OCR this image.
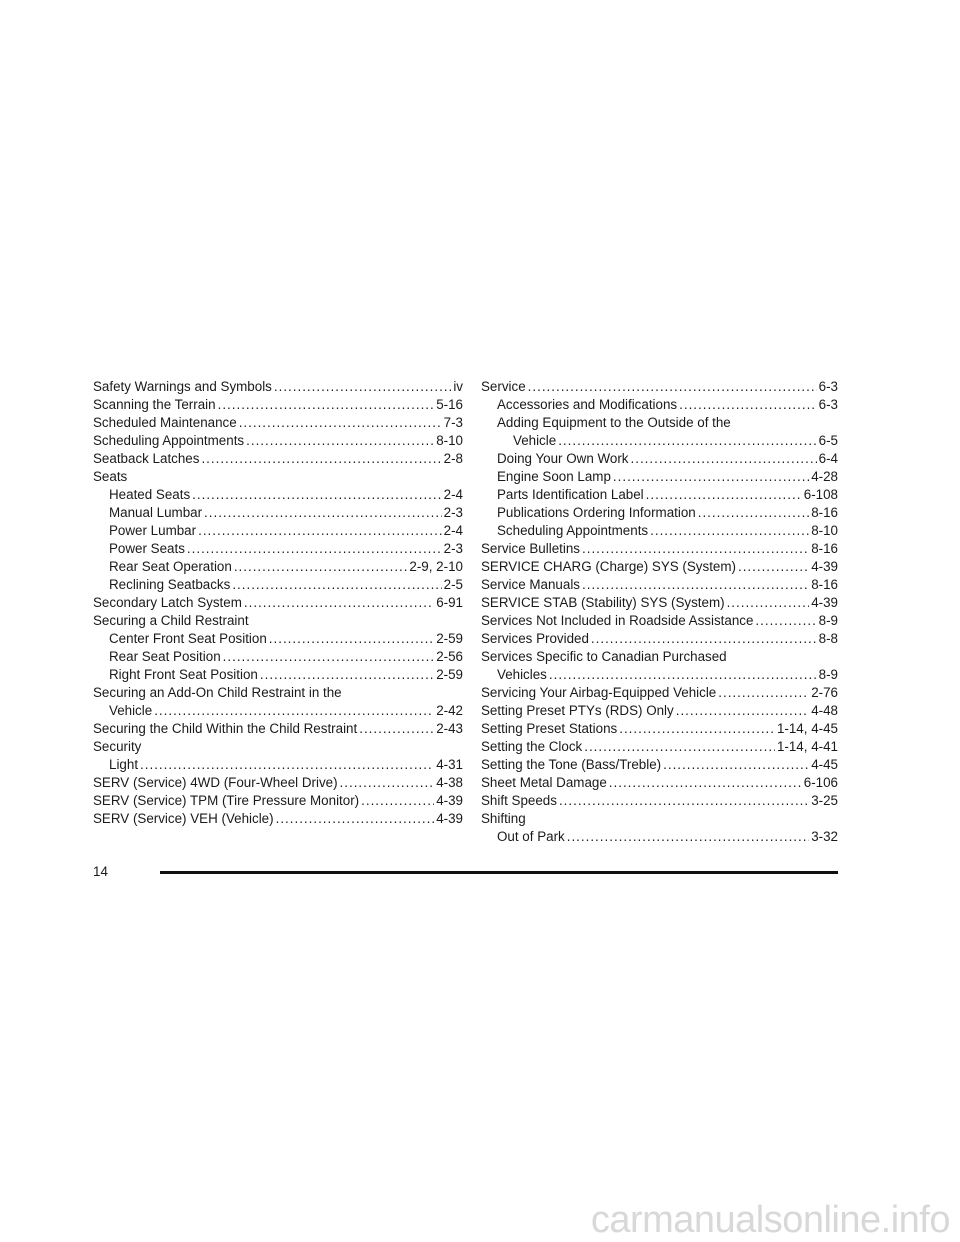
Safety Warnings and Symbols .....	iv
Scanning the Terrain .....	5-16
Scheduled Maintenance .....	7-3
Scheduling Appointments .....	8-10
Seatback Latches .....	2-8
Seats
Heated Seats .....	2-4
Manual Lumbar .....	2-3
Power Lumbar .....	2-4
Power Seats .....	2-3
Rear Seat Operation .....	2-9, 2-10
Reclining Seatbacks .....	2-5
Secondary Latch System .....	6-91
Securing a Child Restraint
Center Front Seat Position .....	2-59
Rear Seat Position .....	2-56
Right Front Seat Position .....	2-59
Securing an Add-On Child Restraint in the
Vehicle .....	2-42
Securing the Child Within the Child Restraint .....	2-43
Security
Light .....	4-31
SERV (Service) 4WD (Four-Wheel Drive) .....	4-38
SERV (Service) TPM (Tire Pressure Monitor) .....	4-39
SERV (Service) VEH (Vehicle) .....	4-39
Service .....	6-3
Accessories and Modifications .....	6-3
Adding Equipment to the Outside of the
Vehicle .....	6-5
Doing Your Own Work .....	6-4
Engine Soon Lamp .....	4-28
Parts Identification Label .....	6-108
Publications Ordering Information .....	8-16
Scheduling Appointments .....	8-10
Service Bulletins .....	8-16
SERVICE CHARG (Charge) SYS (System) .....	4-39
Service Manuals .....	8-16
SERVICE STAB (Stability) SYS (System) .....	4-39
Services Not Included in Roadside Assistance .....	8-9
Services Provided .....	8-8
Services Specific to Canadian Purchased
Vehicles .....	8-9
Servicing Your Airbag-Equipped Vehicle .....	2-76
Setting Preset PTYs (RDS) Only .....	4-48
Setting Preset Stations .....	1-14, 4-45
Setting the Clock .....	1-14, 4-41
Setting the Tone (Bass/Treble) .....	4-45
Sheet Metal Damage .....	6-106
Shift Speeds .....	3-25
Shifting
Out of Park .....	3-32
14
carmanualsonline.info
